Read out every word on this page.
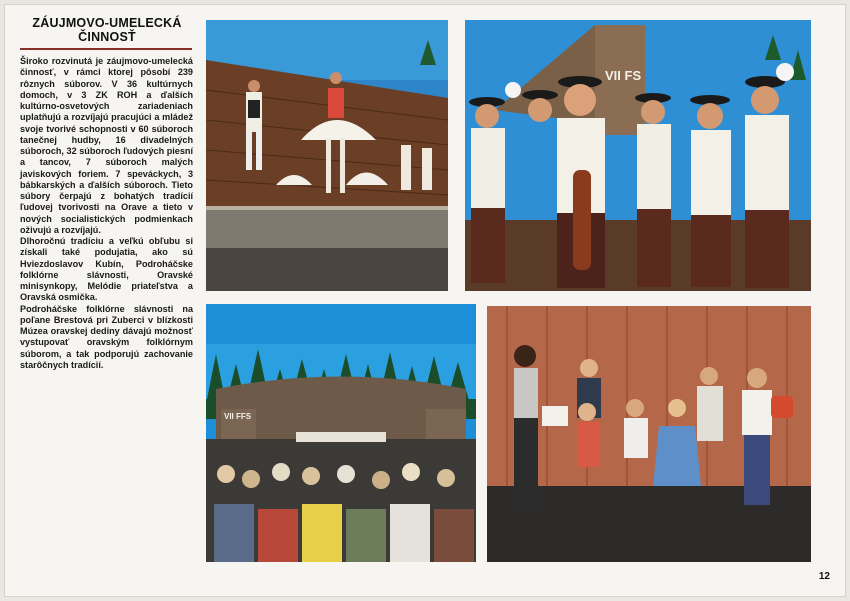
ZÁUJMOVO-UMELECKÁ ČINNOSŤ

Široko rozvinutá je záujmovo-umelecká činnosť, v rámci ktorej pôsobí 239 rôznych súborov. V 36 kultúrnych domoch, v 3 ZK ROH a ďalších kultúrno-osvetových zariadeniach uplatňujú a rozvíjajú pracujúci a mládež svoje tvorivé schopnosti v 60 súboroch tanečnej hudby, 16 divadelných súboroch, 32 súboroch ľudových piesní a tancov, 7 súboroch malých javiskových foriem. 7 speváckych, 3 bábkarských a ďalších súboroch. Tieto súbory čerpajú z bohatých tradícií ľudovej tvorivosti na Orave a tieto v nových socialistických podmienkach oživujú a rozvíjajú.

Dlhoročnú tradíciu a veľkú obľubu si získali také podujatia, ako sú Hviezdoslavov Kubín, Podroháčske folklórne slávnosti, Oravské minisynkopy, Melódie priateľstva a Oravská osmička.

Podroháčske folklórne slávnosti na poľane Brestová pri Zuberci v blízkosti Múzea oravskej dediny dávajú možnosť vystupovať oravským folklórnym súborom, a tak podporujú zachovanie starôčnych tradícií.

VII FS
VII FFS
12
